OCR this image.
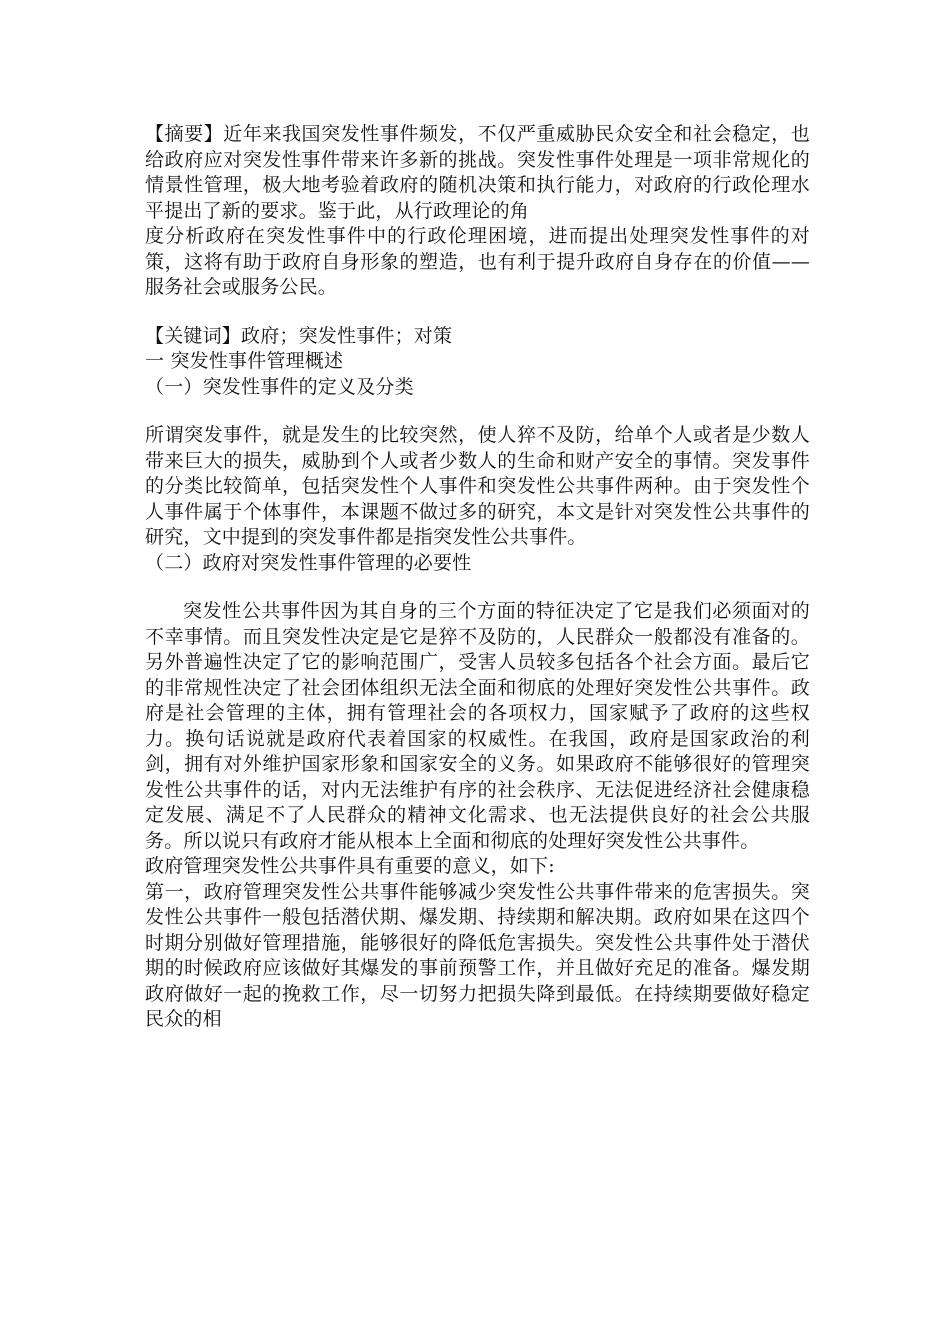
【摘要】近年来我国突发性事件频发，不仅严重威胁民众安全和社会稳定，也给政府应对突发性事件带来许多新的挑战。突发性事件处理是一项非常规化的情景性管理，极大地考验着政府的随机决策和执行能力，对政府的行政伦理水平提出了新的要求。鉴于此，从行政理论的角

度分析政府在突发性事件中的行政伦理困境，进而提出处理突发性事件的对策，这将有助于政府自身形象的塑造，也有利于提升政府自身存在的价值——服务社会或服务公民。

【关键词】政府；突发性事件；对策

一 突发性事件管理概述
（一）突发性事件的定义及分类

所谓突发事件，就是发生的比较突然，使人猝不及防，给单个人或者是少数人带来巨大的损失，威胁到个人或者少数人的生命和财产安全的事情。突发事件的分类比较简单，包括突发性个人事件和突发性公共事件两种。由于突发性个人事件属于个体事件，本课题不做过多的研究，本文是针对突发性公共事件的研究，文中提到的突发事件都是指突发性公共事件。

（二）政府对突发性事件管理的必要性

突发性公共事件因为其自身的三个方面的特征决定了它是我们必须面对的不幸事情。而且突发性决定是它是猝不及防的，人民群众一般都没有准备的。另外普遍性决定了它的影响范围广，受害人员较多包括各个社会方面。最后它的非常规性决定了社会团体组织无法全面和彻底的处理好突发性公共事件。政府是社会管理的主体，拥有管理社会的各项权力，国家赋予了政府的这些权力。换句话说就是政府代表着国家的权威性。在我国，政府是国家政治的利剑，拥有对外维护国家形象和国家安全的义务。如果政府不能够很好的管理突发性公共事件的话，对内无法维护有序的社会秩序、无法促进经济社会健康稳定发展、满足不了人民群众的精神文化需求、也无法提供良好的社会公共服务。所以说只有政府才能从根本上全面和彻底的处理好突发性公共事件。

政府管理突发性公共事件具有重要的意义，如下:

第一，政府管理突发性公共事件能够减少突发性公共事件带来的危害损失。突发性公共事件一般包括潜伏期、爆发期、持续期和解决期。政府如果在这四个时期分别做好管理措施，能够很好的降低危害损失。突发性公共事件处于潜伏期的时候政府应该做好其爆发的事前预警工作，并且做好充足的准备。爆发期政府做好一起的挽救工作，尽一切努力把损失降到最低。在持续期要做好稳定民众的相
